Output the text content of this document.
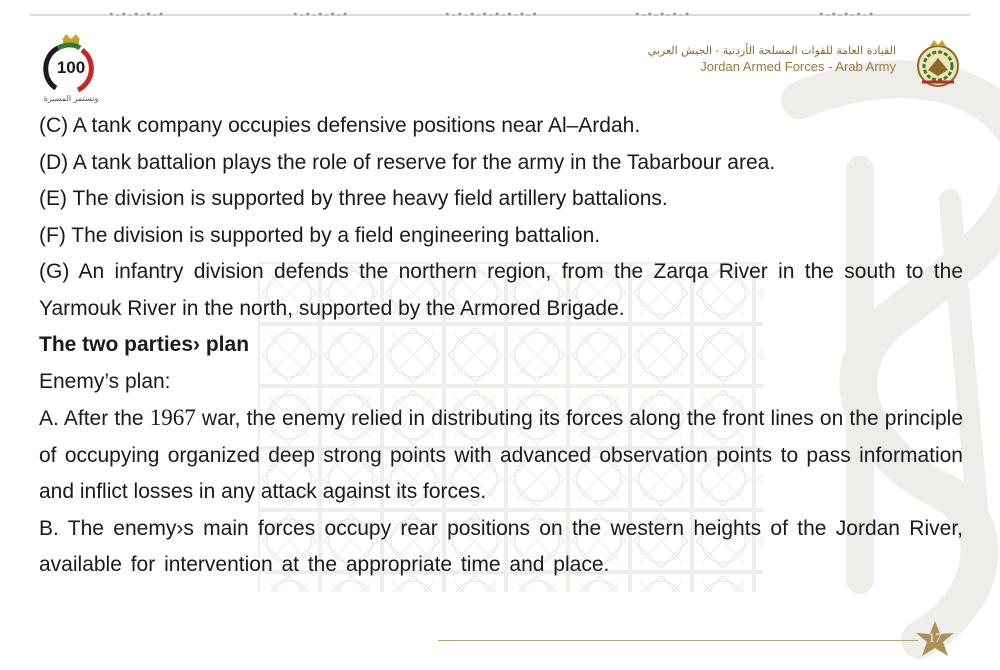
•-•-•-•-•	•-•-•-•-•	•-•-•-•-•-•-•-•	•-•-•-•-•	•-•-•-•-•
100
ونستمر المسيرة
القيادة العامة للقوات المسلحة الأردنية - الجيش العربي
Jordan Armed Forces - Arab Army

(C) A tank company occupies defensive positions near Al–Ardah.

(D) A tank battalion plays the role of reserve for the army in the Tabarbour area.

(E) The division is supported by three heavy field artillery battalions.

(F) The division is supported by a field engineering battalion.

(G) An infantry division defends the northern region, from the Zarqa River in the south to the Yarmouk River in the north, supported by the Armored Brigade.

The two parties› plan

Enemy’s plan:

A. After the 1967 war, the enemy relied in distributing its forces along the front lines on the principle of occupying organized deep strong points with advanced observation points to pass information and inflict losses in any attack against its forces.

B. The enemy›s main forces occupy rear positions on the western heights of the Jordan River, available for intervention at the appropriate time and place.

17
